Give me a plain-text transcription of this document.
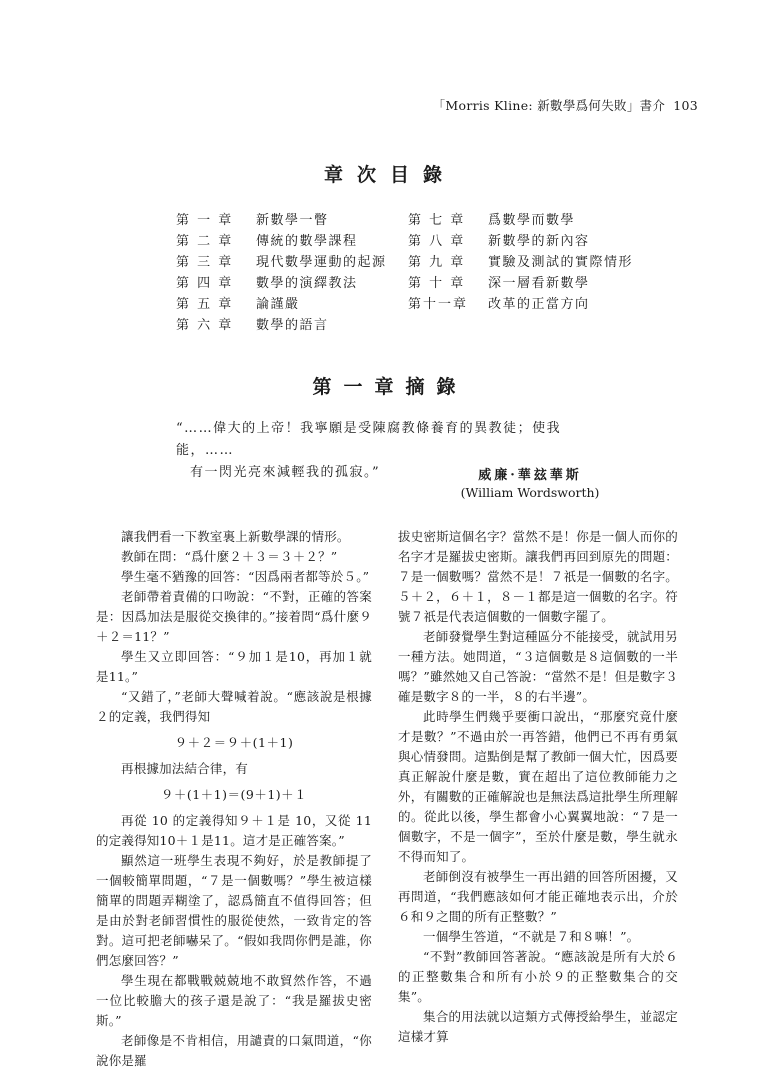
「Morris Kline: 新數學爲何失敗」書介 103
章次目錄
第 一 章 新數學一瞥
第 二 章 傳統的數學課程
第 三 章 現代數學運動的起源
第 四 章 數學的演繹教法
第 五 章 論謹嚴
第 六 章 數學的語言
第 七 章 爲數學而數學
第 八 章 新數學的新內容
第 九 章 實驗及測試的實際情形
第 十 章 深一層看新數學
第十一章 改革的正當方向
第一章摘錄
“……偉大的上帝！我寧願是受陳腐教條養育的異教徒；使我能，……
有一閃光亮來減輕我的孤寂。”	威廉·華玆華斯
(William Wordsworth)

讓我們看一下教室裏上新數學課的情形。

教師在問：“爲什麼２＋３＝３＋２？”

學生毫不猶豫的回答：“因爲兩者都等於５。”

老師帶着責備的口吻說：“不對，正確的答案是：因爲加法是服從交換律的。”接着問“爲什麼９＋２＝11？”

學生又立即回答：“９加１是10，再加１就是11。”

“又錯了，”老師大聲喊着說。“應該說是根據２的定義，我們得知

９＋２＝９＋(1＋1)

再根據加法結合律，有

９＋(1＋1)＝(9＋1)＋１

再從 10 的定義得知９＋１是 10，又從 11 的定義得知10＋１是11。這才是正確答案。”

顯然這一班學生表現不夠好，於是教師提了一個較簡單問題，“７是一個數嗎？”學生被這樣簡單的問題弄糊塗了，認爲簡直不值得回答；但是由於對老師習慣性的服從使然，一致肯定的答對。這可把老師嚇呆了。“假如我問你們是誰，你們怎麼回答？”

學生現在都戰戰兢兢地不敢貿然作答，不過一位比較膽大的孩子還是說了：“我是羅拔史密斯。”

老師像是不肯相信，用譴責的口氣問道，“你說你是羅

拔史密斯這個名字？當然不是！你是一個人而你的名字才是羅拔史密斯。讓我們再回到原先的問題：７是一個數嗎？當然不是！７祇是一個數的名字。５＋２，６＋１，８－１都是這一個數的名字。符號７祇是代表這個數的一個數字罷了。

老師發覺學生對這種區分不能接受，就試用另一種方法。她問道，“３這個數是８這個數的一半嗎？”雖然她又自己答說：“當然不是！但是數字３確是數字８的一半，８的右半邊”。

此時學生們幾乎要衝口說出，“那麼究竟什麼才是數？”不過由於一再答錯，他們已不再有勇氣與心情發問。這點倒是幫了教師一個大忙，因爲要真正解說什麼是數，實在超出了這位教師能力之外，有關數的正確解說也是無法爲這批學生所理解的。從此以後，學生都會小心翼翼地說：“７是一個數字，不是一個字”，至於什麼是數，學生就永不得而知了。

老師倒沒有被學生一再出錯的回答所困擾，又再問道，“我們應該如何才能正確地表示出，介於６和９之間的所有正整數？”

一個學生答道，“不就是７和８嘛！”。

“不對”教師回答著說。“應該說是所有大於６的正整數集合和所有小於９的正整數集合的交集”。

集合的用法就以這類方式傳授給學生，並認定這樣才算
